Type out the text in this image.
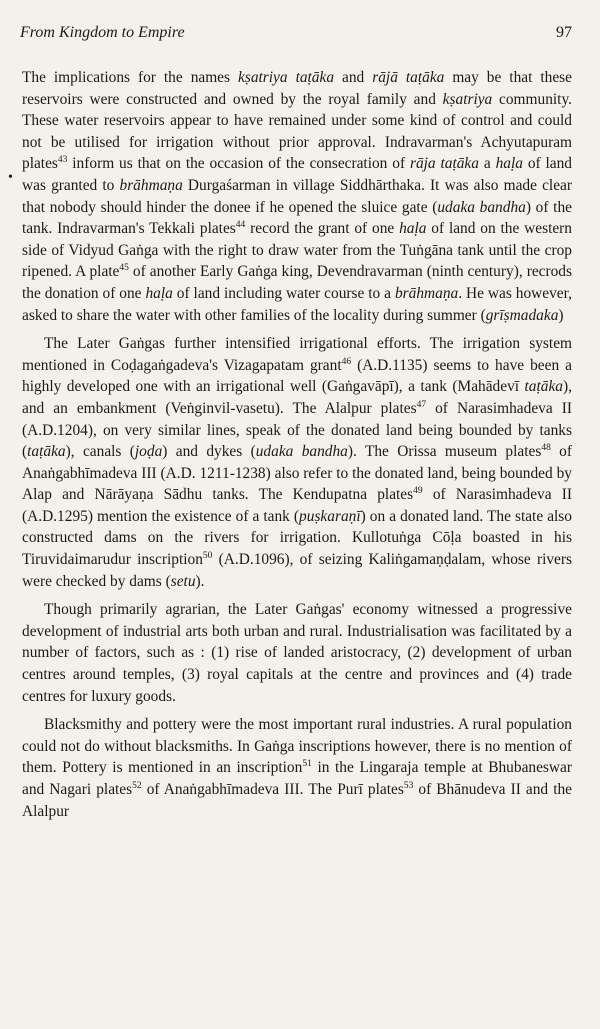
From Kingdom to Empire	97
•

The implications for the names kṣatriya taṭāka and rājā taṭāka may be that these reservoirs were constructed and owned by the royal family and kṣatriya community. These water reservoirs appear to have remained under some kind of control and could not be utilised for irrigation without prior approval. Indravarman's Achyutapuram plates$^{43}$ inform us that on the occasion of the consecration of rāja taṭāka a haḷa of land was granted to brāhmaṇa Durgaśarman in village Siddhārthaka. It was also made clear that nobody should hinder the donee if he opened the sluice gate (udaka bandha) of the tank. Indravarman's Tekkali plates$^{44}$ record the grant of one haḷa of land on the western side of Vidyud Gaṅga with the right to draw water from the Tuṅgāna tank until the crop ripened. A plate$^{45}$ of another Early Gaṅga king, Devendravarman (ninth century), recrods the donation of one haḷa of land including water course to a brāhmaṇa. He was however, asked to share the water with other families of the locality during summer (grīṣmadaka)

The Later Gaṅgas further intensified irrigational efforts. The irrigation system mentioned in Coḍagaṅgadeva's Vizagapatam grant$^{46}$ (A.D.1135) seems to have been a highly developed one with an irrigational well (Gaṅgavāpī), a tank (Mahādevī taṭāka), and an embankment (Veṅginvil-vasetu). The Alalpur plates$^{47}$ of Narasimhadeva II (A.D.1204), on very similar lines, speak of the donated land being bounded by tanks (taṭāka), canals (joḍa) and dykes (udaka bandha). The Orissa museum plates$^{48}$ of Anaṅgabhīmadeva III (A.D. 1211-1238) also refer to the donated land, being bounded by Alap and Nārāyaṇa Sādhu tanks. The Kendupatna plates$^{49}$ of Narasimhadeva II (A.D.1295) mention the existence of a tank (puṣkaraṇī) on a donated land. The state also constructed dams on the rivers for irrigation. Kullotuṅga Cōḷa boasted in his Tiruvidaimarudur inscription$^{50}$ (A.D.1096), of seizing Kaliṅgamaṇḍalam, whose rivers were checked by dams (setu).

Though primarily agrarian, the Later Gaṅgas' economy witnessed a progressive development of industrial arts both urban and rural. Industrialisation was facilitated by a number of factors, such as : (1) rise of landed aristocracy, (2) development of urban centres around temples, (3) royal capitals at the centre and provinces and (4) trade centres for luxury goods.

Blacksmithy and pottery were the most important rural industries. A rural population could not do without blacksmiths. In Gaṅga inscriptions however, there is no mention of them. Pottery is mentioned in an inscription$^{51}$ in the Lingaraja temple at Bhubaneswar and Nagari plates$^{52}$ of Anaṅgabhīmadeva III. The Purī plates$^{53}$ of Bhānudeva II and the Alalpur
